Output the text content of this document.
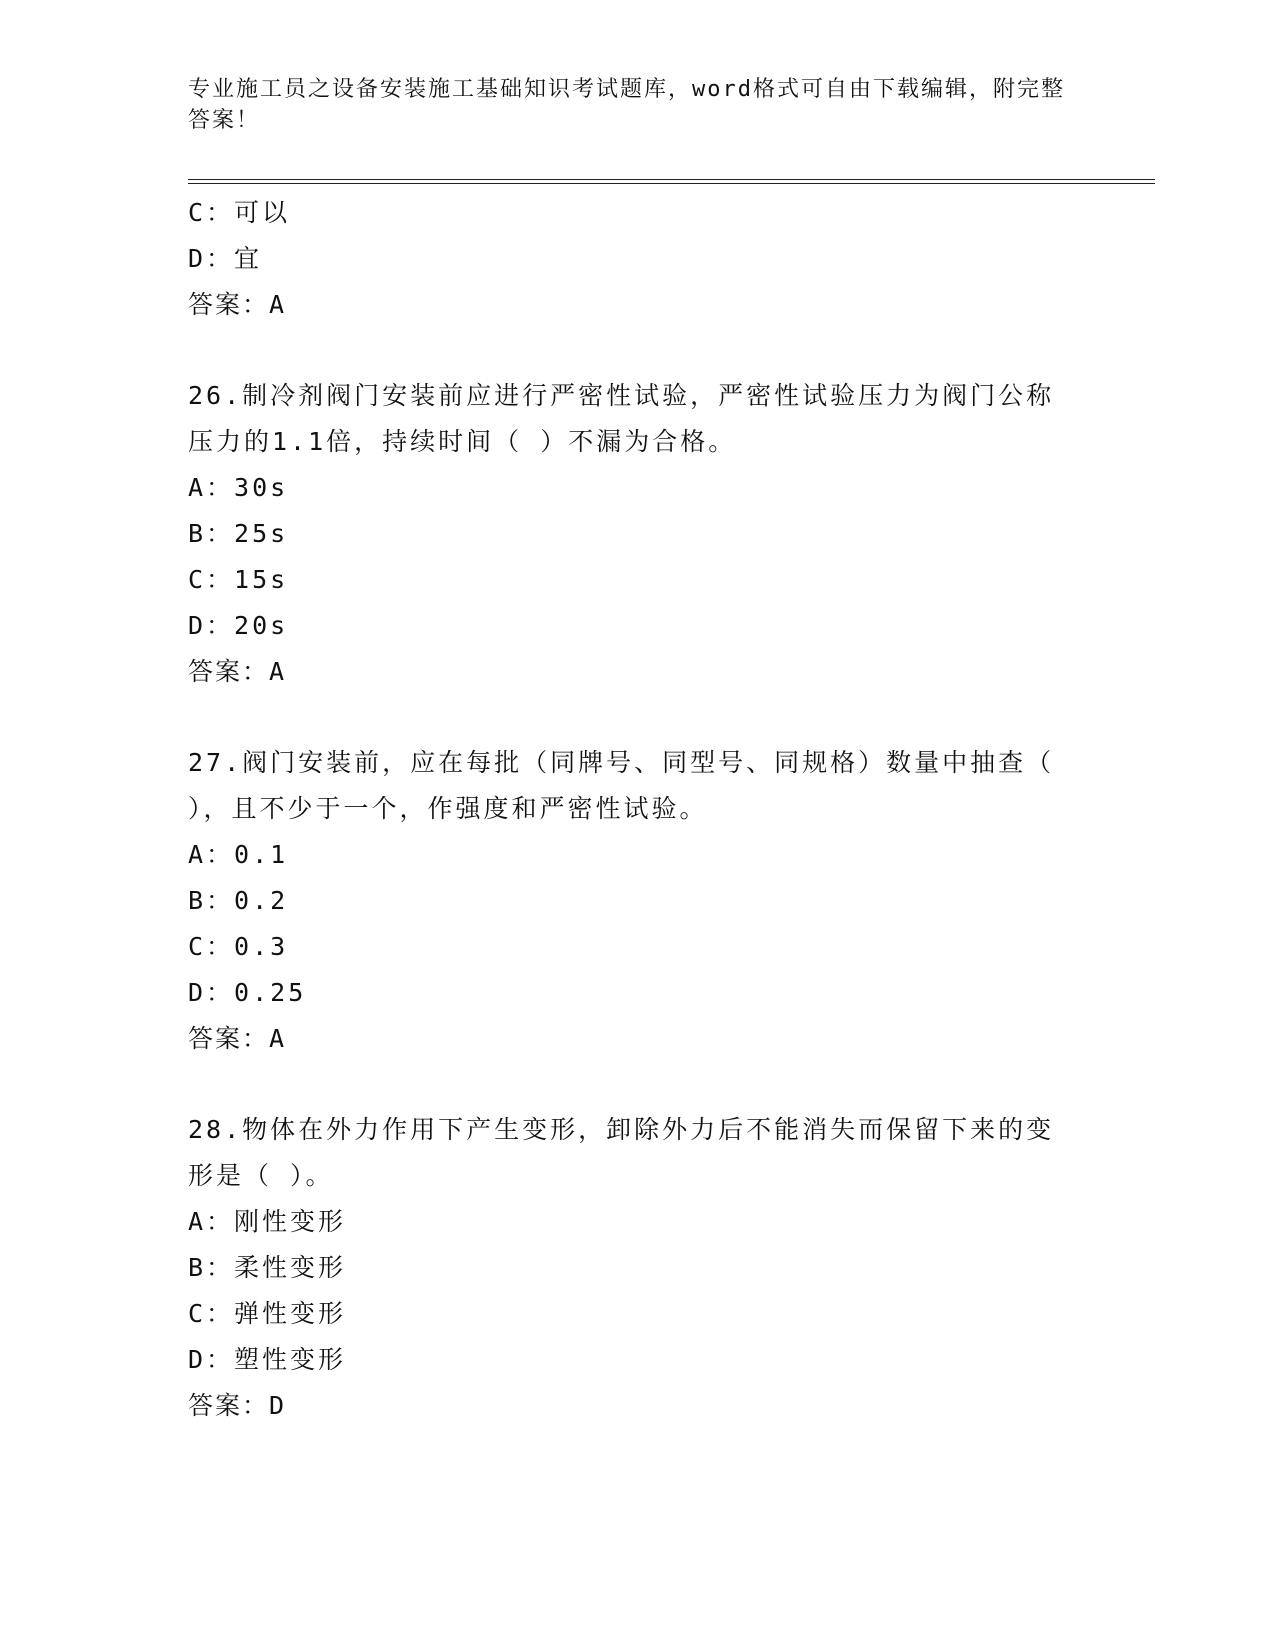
专业施工员之设备安装施工基础知识考试题库，word格式可自由下载编辑，附完整答案！
C：可以
D：宜
答案：A
26.制冷剂阀门安装前应进行严密性试验，严密性试验压力为阀门公称
压力的1.1倍，持续时间（ ）不漏为合格。
A：30s
B：25s
C：15s
D：20s
答案：A
27.阀门安装前，应在每批（同牌号、同型号、同规格）数量中抽查（
），且不少于一个，作强度和严密性试验。
A：0.1
B：0.2
C：0.3
D：0.25
答案：A
28.物体在外力作用下产生变形，卸除外力后不能消失而保留下来的变
形是（ ）。
A：刚性变形
B：柔性变形
C：弹性变形
D：塑性变形
答案：D
